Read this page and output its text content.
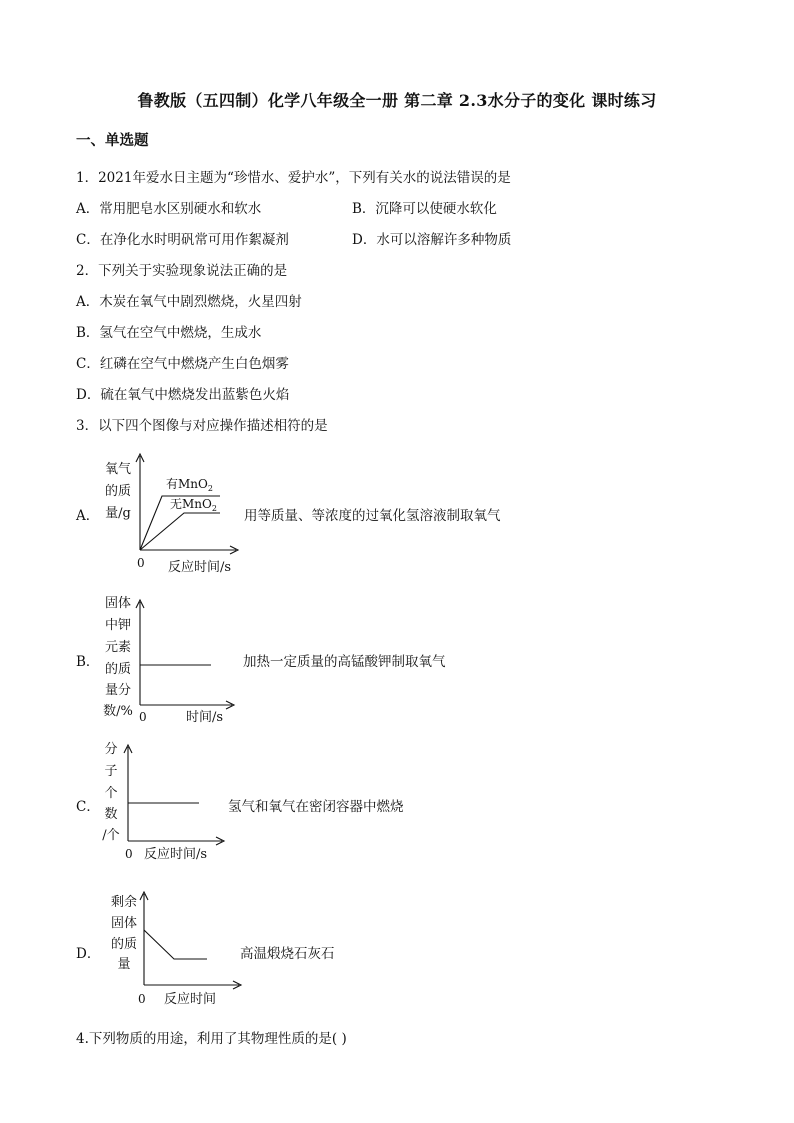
鲁教版（五四制）化学八年级全一册 第二章 2.3水分子的变化 课时练习
一、单选题
1．2021年爱水日主题为“珍惜水、爱护水”，下列有关水的说法错误的是
A．常用肥皂水区别硬水和软水	B．沉降可以使硬水软化
C．在净化水时明矾常可用作絮凝剂	D．水可以溶解许多种物质
2．下列关于实验现象说法正确的是
A．木炭在氧气中剧烈燃烧，火星四射
B．氢气在空气中燃烧，生成水
C．红磷在空气中燃烧产生白色烟雾
D．硫在氧气中燃烧发出蓝紫色火焰
3．以下四个图像与对应操作描述相符的是
A．
氧气
的质
量/g
有MnO$_2$
无MnO$_2$
0 反应时间/s
用等质量、等浓度的过氧化氢溶液制取氧气
B．
固体
中钾
元素
的质
量分
数/% 0	时间/s
加热一定质量的高锰酸钾制取氧气
C．
分
子
个
数
/个
0 反应时间/s
氢气和氧气在密闭容器中燃烧
D．
剩余
固体
的质
量
0 反应时间
高温煅烧石灰石
4.下列物质的用途，利用了其物理性质的是( )
